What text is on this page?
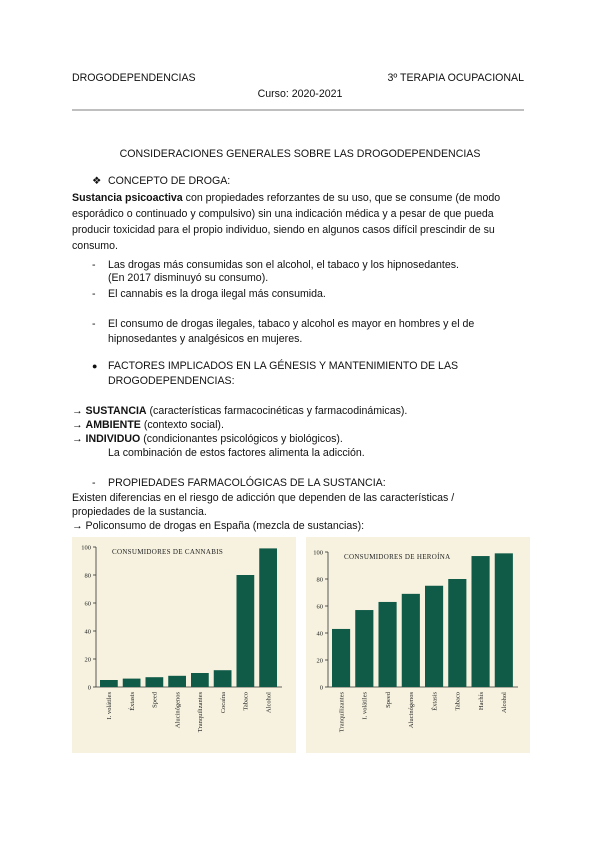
DROGODEPENDENCIAS	3º TERAPIA OCUPACIONAL
Curso: 2020-2021
CONSIDERACIONES GENERALES SOBRE LAS DROGODEPENDENCIAS
❖ CONCEPTO DE DROGA:
Sustancia psicoactiva con propiedades reforzantes de su uso, que se consume (de modo esporádico o continuado y compulsivo) sin una indicación médica y a pesar de que pueda producir toxicidad para el propio individuo, siendo en algunos casos difícil prescindir de su consumo.
- Las drogas más consumidas son el alcohol, el tabaco y los hipnosedantes.
(En 2017 disminuyó su consumo).
- El cannabis es la droga ilegal más consumida.
- El consumo de drogas ilegales, tabaco y alcohol es mayor en hombres y el de
hipnosedantes y analgésicos en mujeres.
● FACTORES IMPLICADOS EN LA GÉNESIS Y MANTENIMIENTO DE LAS
DROGODEPENDENCIAS:
→ SUSTANCIA (características farmacocinéticas y farmacodinámicas).
→ AMBIENTE (contexto social).
→ INDIVIDUO (condicionantes psicológicos y biológicos).
La combinación de estos factores alimenta la adicción.
- PROPIEDADES FARMACOLÓGICAS DE LA SUSTANCIA:
Existen diferencias en el riesgo de adicción que dependen de las características /
propiedades de la sustancia.
→ Policonsumo de drogas en España (mezcla de sustancias):
CONSUMIDORES DE CANNABIS
0
20
40
60
80
100
I. volátiles Éxtasis Speed Alucinógenos Tranquilizantes Cocaína Tabaco Alcohol
CONSUMIDORES DE HEROÍNA
0
20
40
60
80
100
Tranquilizantes	I. volátiles	Speed	Alucinógenos	Éxtasis	Tabaco	Hachís	Alcohol
